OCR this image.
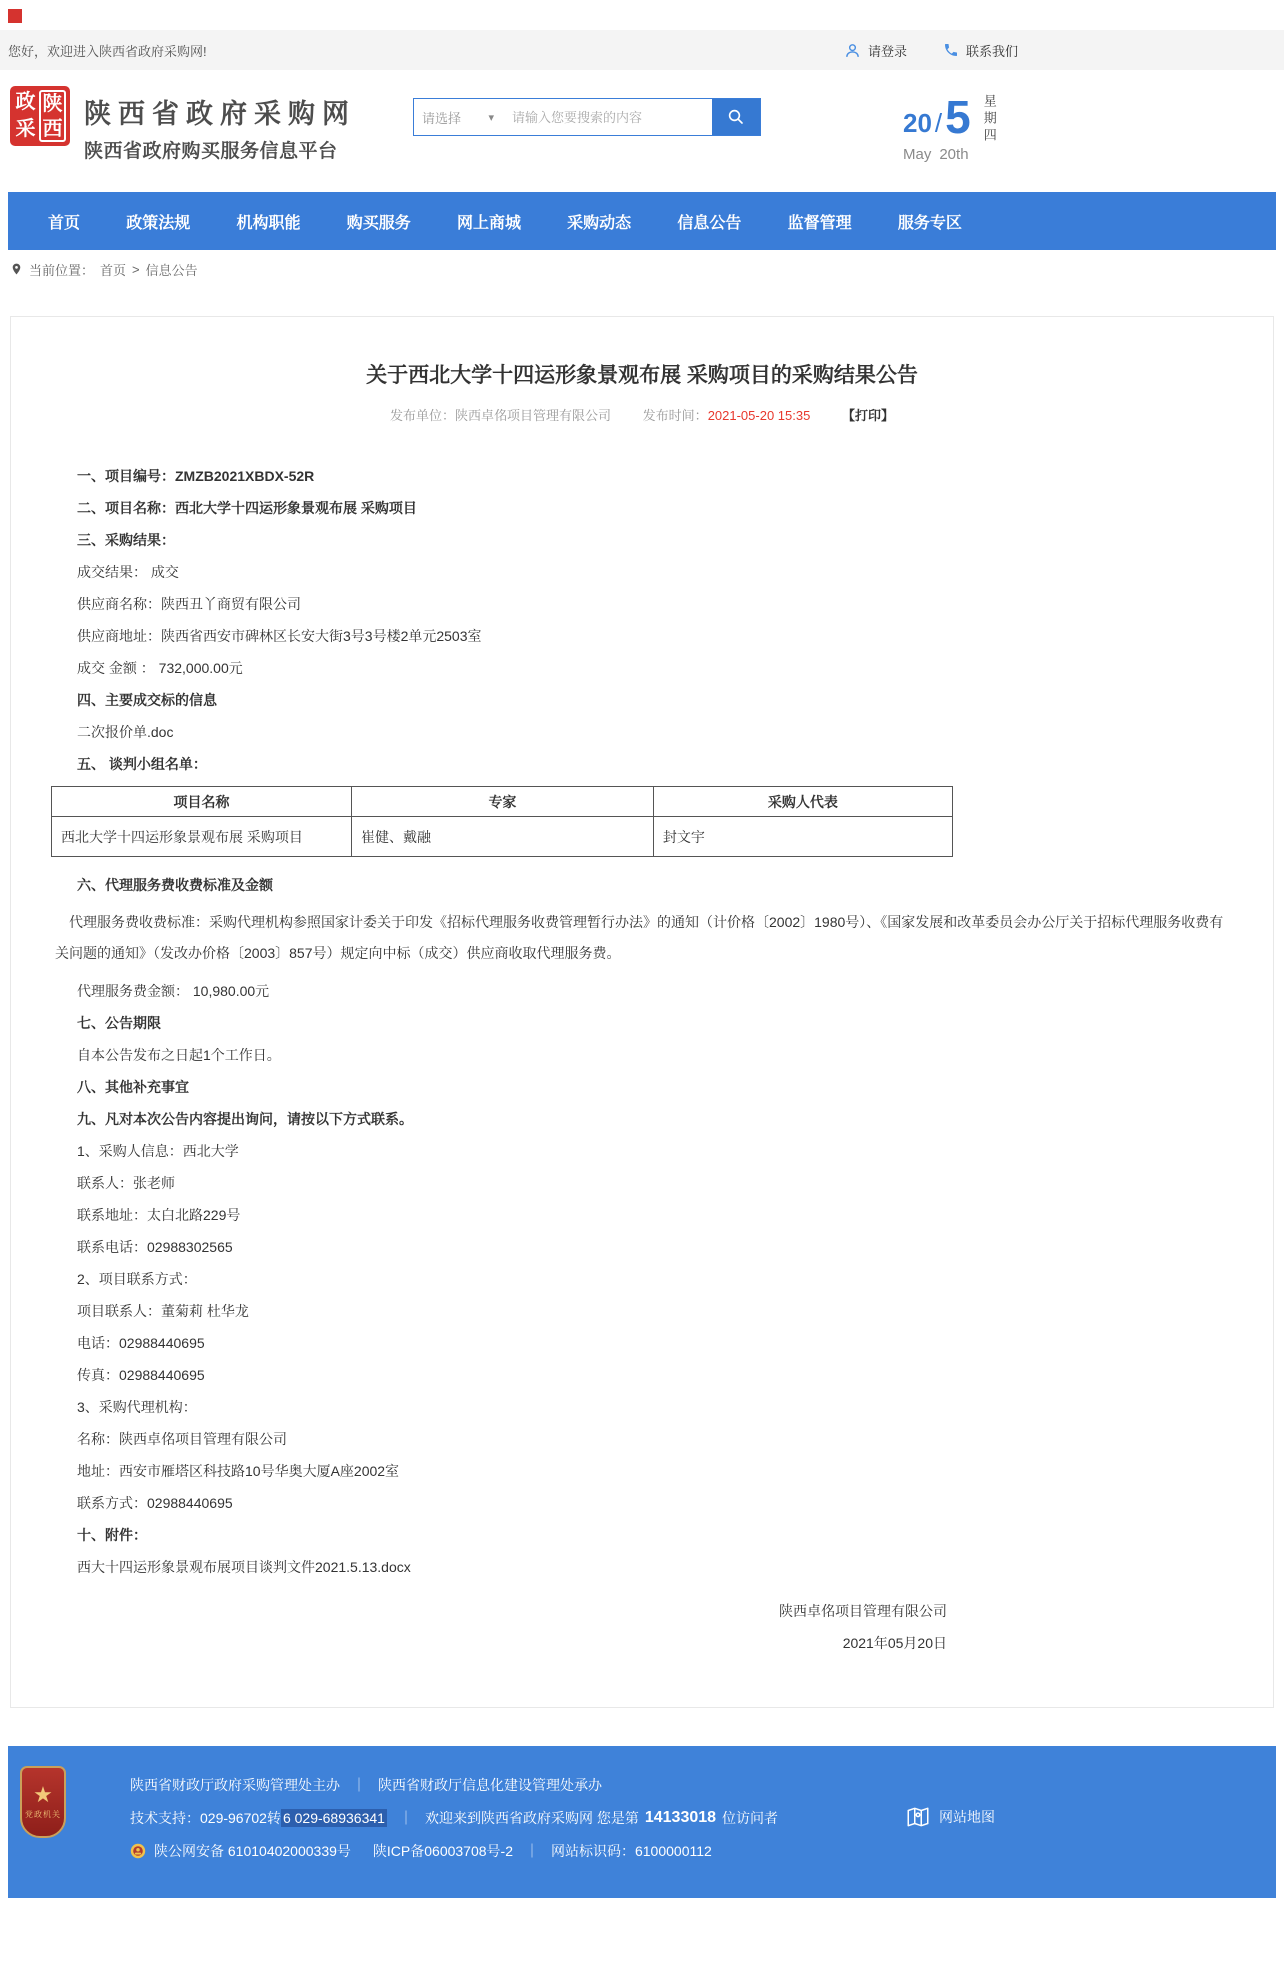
您好，欢迎进入陕西省政府采购网!	请登录	联系我们
政
采
陕
西 陕西省政府采购网
陕西省政府购买服务信息平台
请选择 ▾
请输入您要搜索的内容	20 / 5
May 20th
星期四
首页	政策法规	机构职能	购买服务	网上商城	采购动态	信息公告	监督管理	服务专区
当前位置： 首页 > 信息公告
关于西北大学十四运形象景观布展 采购项目的采购结果公告
发布单位：陕西卓佲项目管理有限公司 发布时间：2021-05-20 15:35 【打印】

一、项目编号：ZMZB2021XBDX-52R

二、项目名称：西北大学十四运形象景观布展 采购项目

三、采购结果：

成交结果： 成交

供应商名称：陕西丑丫商贸有限公司

供应商地址：陕西省西安市碑林区长安大街3号3号楼2单元2503室

成交 金额 ： 732,000.00元

四、主要成交标的信息

二次报价单.doc

五、 谈判小组名单：

项目名称	专家	采购人代表
西北大学十四运形象景观布展 采购项目	崔健、戴融	封文宇

六、代理服务费收费标准及金额

代理服务费收费标准：采购代理机构参照国家计委关于印发《招标代理服务收费管理暂行办法》的通知（计价格〔2002〕1980号）、《国家发展和改革委员会办公厅关于招标代理服务收费有关问题的通知》（发改办价格〔2003〕857号）规定向中标（成交）供应商收取代理服务费。

代理服务费金额： 10,980.00元

七、公告期限

自本公告发布之日起1个工作日。

八、其他补充事宜

九、凡对本次公告内容提出询问，请按以下方式联系。

1、采购人信息：西北大学

联系人：张老师

联系地址：太白北路229号

联系电话：02988302565

2、项目联系方式：

项目联系人：董菊莉 杜华龙

电话：02988440695

传真：02988440695

3、采购代理机构：

名称：陕西卓佲项目管理有限公司

地址：西安市雁塔区科技路10号华奥大厦A座2002室

联系方式：02988440695

十、附件：

西大十四运形象景观布展项目谈判文件2021.5.13.docx

陕西卓佲项目管理有限公司
2021年05月20日
★
党政机关
陕西省财政厅政府采购管理处主办 ｜ 陕西省财政厅信息化建设管理处承办
技术支持： 029-96702转 6 029-68936341 ｜ 欢迎来到陕西省政府采购网 您是第 14133018 位访问者
陕公网安备 61010402000339号 陕ICP备06003708号-2 ｜ 网站标识码： 6100000112
网站地图
